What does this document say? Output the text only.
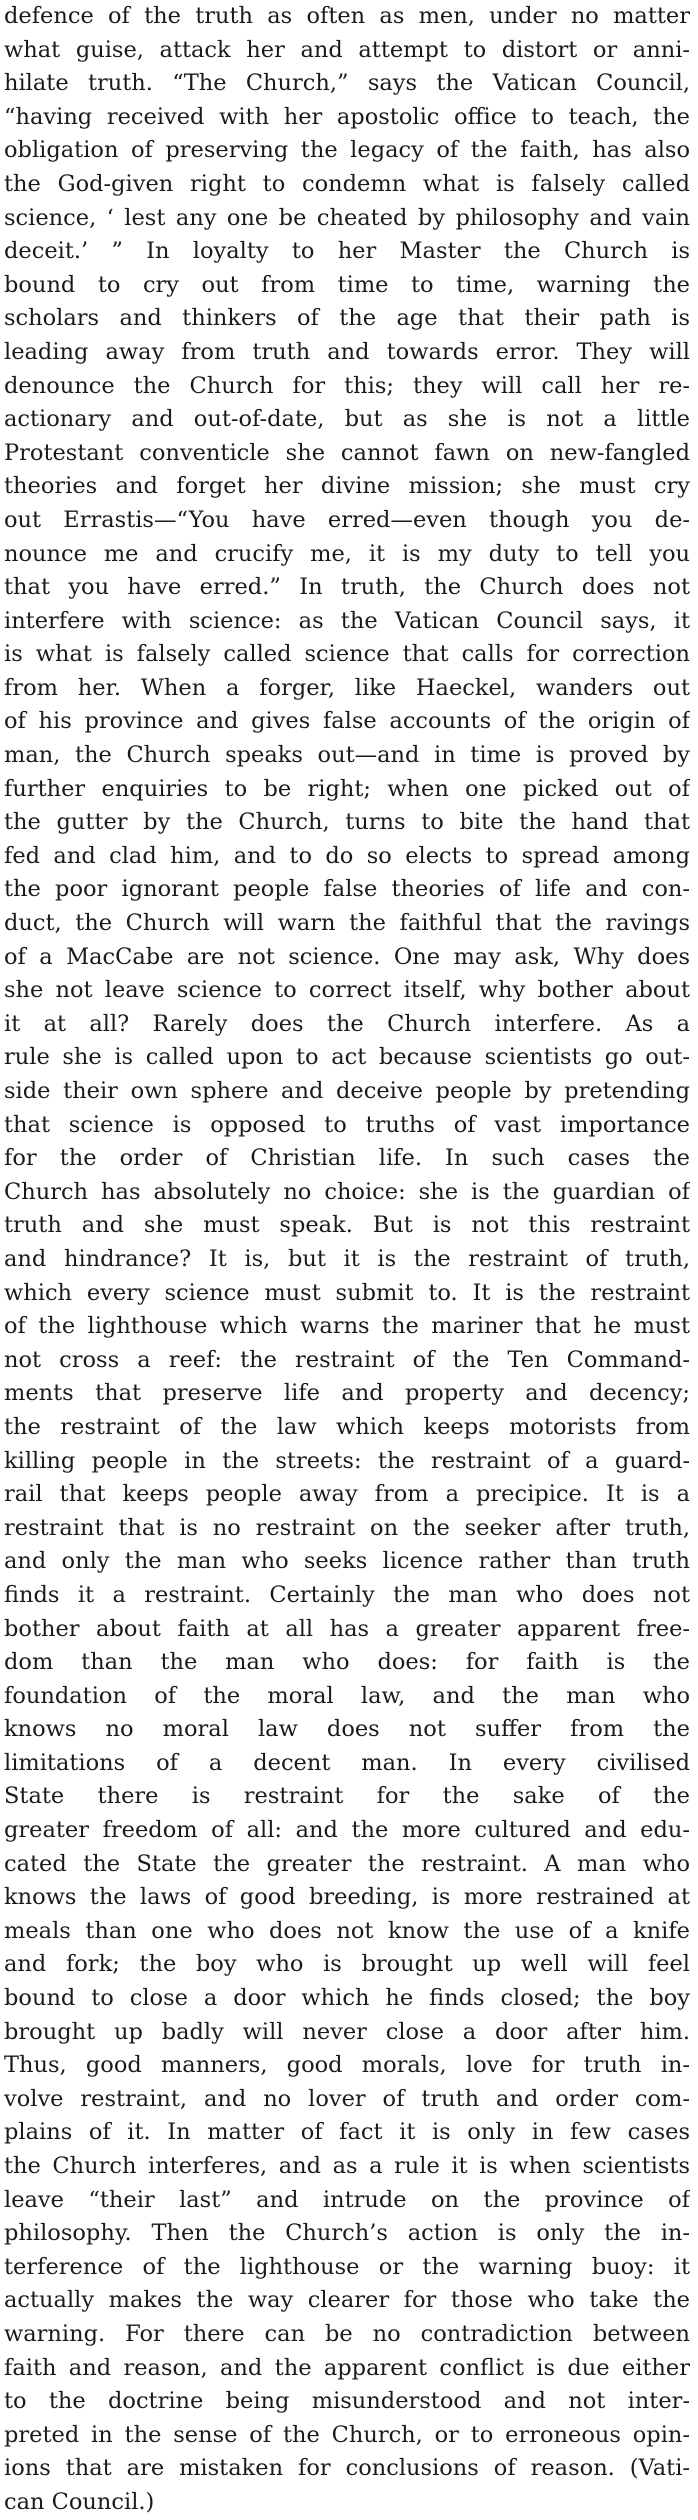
defence of the truth as often as men, under no matter
what guise, attack her and attempt to distort or anni-
hilate truth. “The Church,” says the Vatican Council,
“having received with her apostolic office to teach, the
obligation of preserving the legacy of the faith, has also
the God-given right to condemn what is falsely called
science, ‘ lest any one be cheated by philosophy and vain
deceit.’ ” In loyalty to her Master the Church is
bound to cry out from time to time, warning the
scholars and thinkers of the age that their path is
leading away from truth and towards error. They will
denounce the Church for this; they will call her re-
actionary and out-of-date, but as she is not a little
Protestant conventicle she cannot fawn on new-fangled
theories and forget her divine mission; she must cry
out Errastis—“You have erred—even though you de-
nounce me and crucify me, it is my duty to tell you
that you have erred.” In truth, the Church does not
interfere with science: as the Vatican Council says, it
is what is falsely called science that calls for correction
from her. When a forger, like Haeckel, wanders out
of his province and gives false accounts of the origin of
man, the Church speaks out—and in time is proved by
further enquiries to be right; when one picked out of
the gutter by the Church, turns to bite the hand that
fed and clad him, and to do so elects to spread among
the poor ignorant people false theories of life and con-
duct, the Church will warn the faithful that the ravings
of a MacCabe are not science. One may ask, Why does
she not leave science to correct itself, why bother about
it at all? Rarely does the Church interfere. As a
rule she is called upon to act because scientists go out-
side their own sphere and deceive people by pretending
that science is opposed to truths of vast importance
for the order of Christian life. In such cases the
Church has absolutely no choice: she is the guardian of
truth and she must speak. But is not this restraint
and hindrance? It is, but it is the restraint of truth,
which every science must submit to. It is the restraint
of the lighthouse which warns the mariner that he must
not cross a reef: the restraint of the Ten Command-
ments that preserve life and property and decency;
the restraint of the law which keeps motorists from
killing people in the streets: the restraint of a guard-
rail that keeps people away from a precipice. It is a
restraint that is no restraint on the seeker after truth,
and only the man who seeks licence rather than truth
finds it a restraint. Certainly the man who does not
bother about faith at all has a greater apparent free-
dom than the man who does: for faith is the
foundation of the moral law, and the man who
knows no moral law does not suffer from the
limitations of a decent man. In every civilised
State there is restraint for the sake of the
greater freedom of all: and the more cultured and edu-
cated the State the greater the restraint. A man who
knows the laws of good breeding, is more restrained at
meals than one who does not know the use of a knife
and fork; the boy who is brought up well will feel
bound to close a door which he finds closed; the boy
brought up badly will never close a door after him.
Thus, good manners, good morals, love for truth in-
volve restraint, and no lover of truth and order com-
plains of it. In matter of fact it is only in few cases
the Church interferes, and as a rule it is when scientists
leave “their last” and intrude on the province of
philosophy. Then the Church’s action is only the in-
terference of the lighthouse or the warning buoy: it
actually makes the way clearer for those who take the
warning. For there can be no contradiction between
faith and reason, and the apparent conflict is due either
to the doctrine being misunderstood and not inter-
preted in the sense of the Church, or to erroneous opin-
ions that are mistaken for conclusions of reason. (Vati-
can Council.)
